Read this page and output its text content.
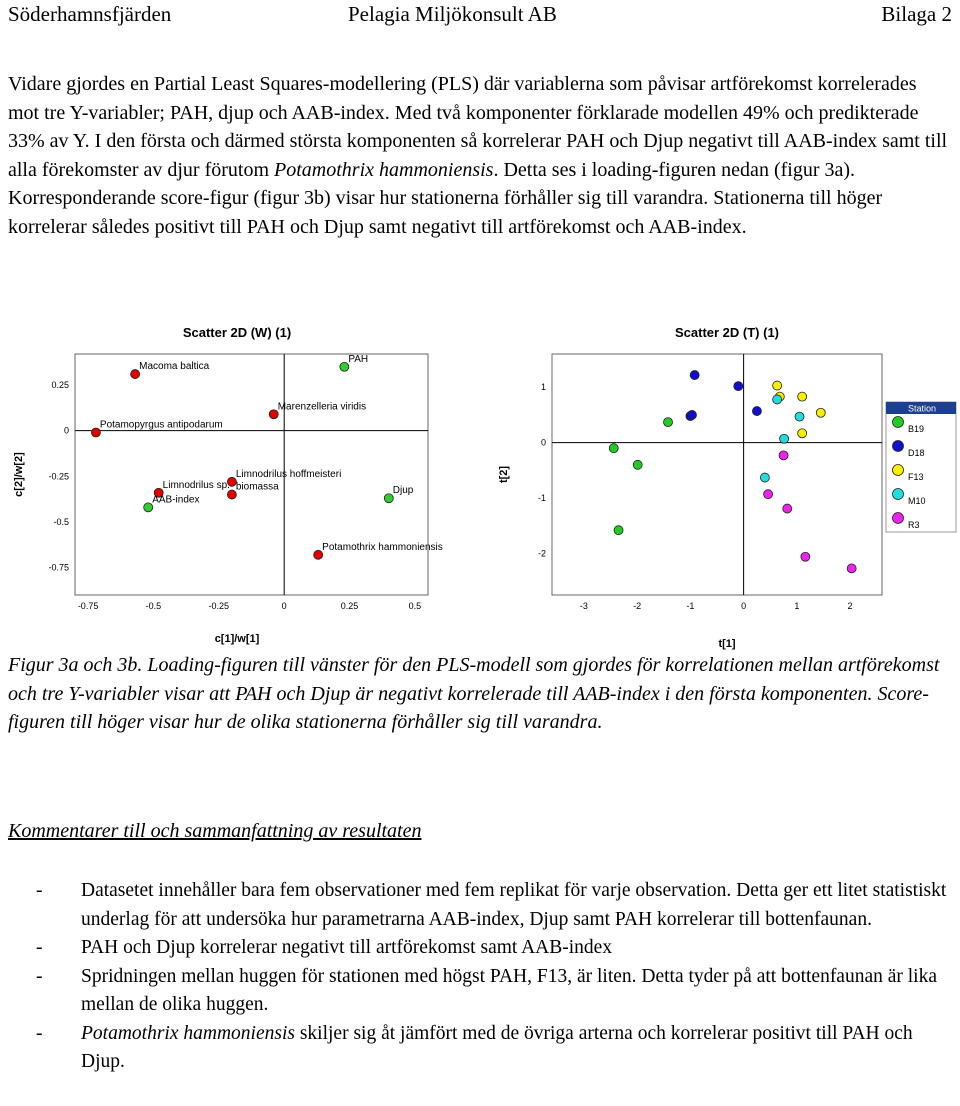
Söderhamnsfjärden	Pelagia Miljökonsult AB	Bilaga 2

Vidare gjordes en Partial Least Squares-modellering (PLS) där variablerna som påvisar artförekomst korrelerades mot tre Y-variabler; PAH, djup och AAB-index. Med två komponenter förklarade modellen 49% och predikterade 33% av Y. I den första och därmed största komponenten så korrelerar PAH och Djup negativt till AAB-index samt till alla förekomster av djur förutom Potamothrix hammoniensis. Detta ses i loading-figuren nedan (figur 3a). Korresponderande score-figur (figur 3b) visar hur stationerna förhåller sig till varandra. Stationerna till höger korrelerar således positivt till PAH och Djup samt negativt till artförekomst och AAB-index.

Scatter 2D (W) (1)
-0.75	-0.5	-0.25	0	0.25	0.5
0.25
0
-0.25
-0.5
-0.75
c[1]/w[1]
c[2]/w[2]
Macoma baltica
PAH
Marenzelleria viridis
Potamopyrgus antipodarum
Limnodrilus hoffmeisteri
Limnodrilus sp. biomassa
AAB-index
Djup
Potamothrix hammoniensis
Scatter 2D (T) (1)
-3	-2	-1	0	1	2
1
0
-1
-2
t[1]
t[2]
Station
B19
D18
F13
M10
R3

Figur 3a och 3b. Loading-figuren till vänster för den PLS-modell som gjordes för korrelationen mellan artförekomst och tre Y-variabler visar att PAH och Djup är negativt korrelerade till AAB-index i den första komponenten. Score-figuren till höger visar hur de olika stationerna förhåller sig till varandra.

Kommentarer till och sammanfattning av resultaten
- Datasetet innehåller bara fem observationer med fem replikat för varje observation. Detta ger ett litet statistiskt underlag för att undersöka hur parametrarna AAB-index, Djup samt PAH korrelerar till bottenfaunan.
- PAH och Djup korrelerar negativt till artförekomst samt AAB-index
- Spridningen mellan huggen för stationen med högst PAH, F13, är liten. Detta tyder på att bottenfaunan är lika mellan de olika huggen.
- Potamothrix hammoniensis skiljer sig åt jämfört med de övriga arterna och korrelerar positivt till PAH och Djup.
